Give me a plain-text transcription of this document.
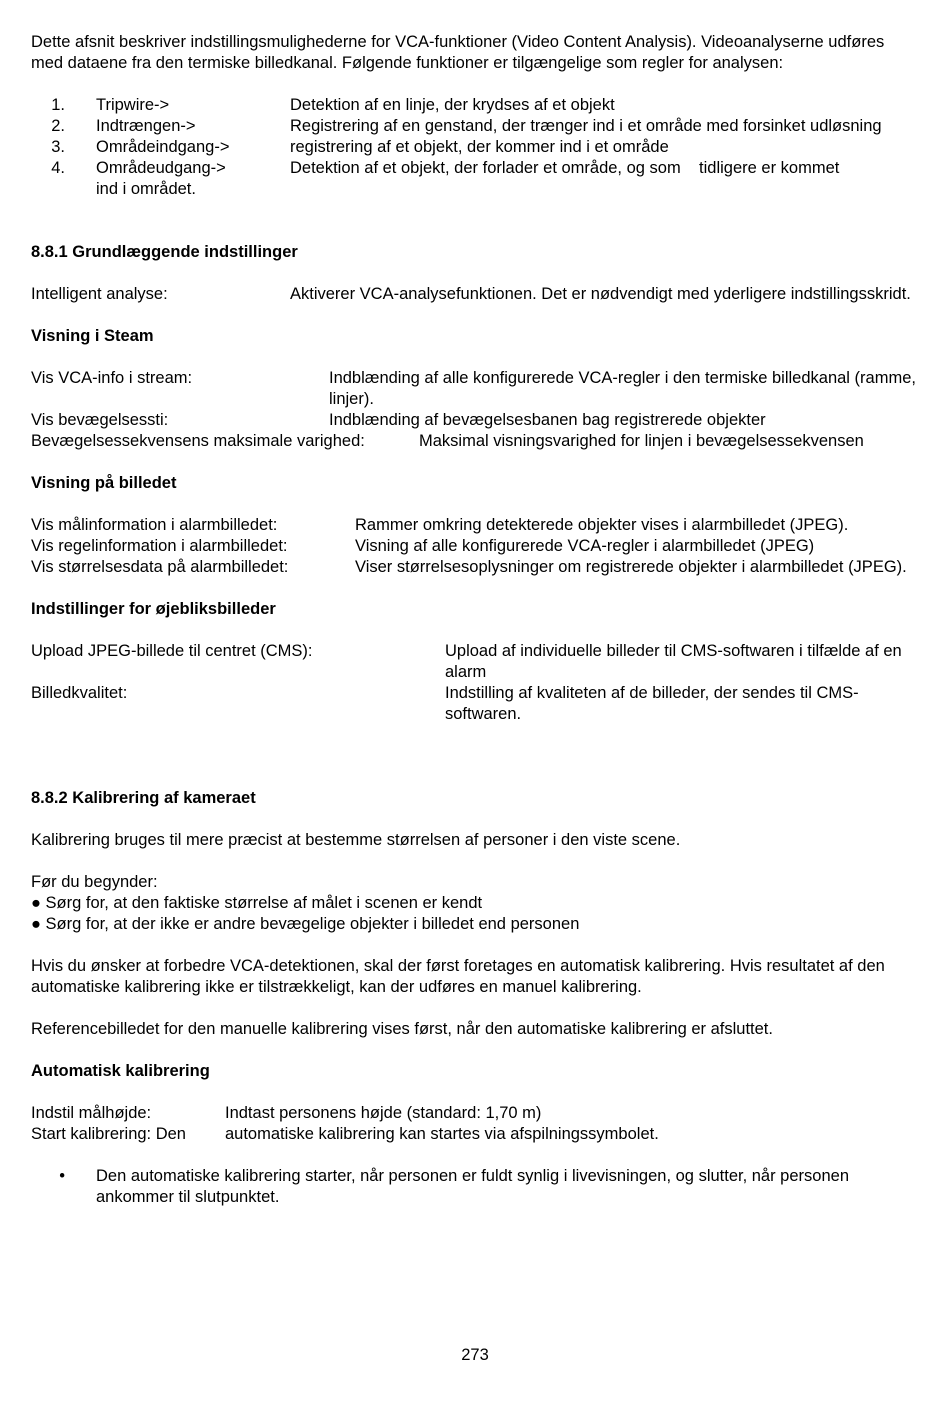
Dette afsnit beskriver indstillingsmulighederne for VCA-funktioner (Video Content Analysis). Videoanalyserne udføres med dataene fra den termiske billedkanal. Følgende funktioner er tilgængelige som regler for analysen:

1.	Tripwire->	Detektion af en linje, der krydses af et objekt
2.	Indtrængen->	Registrering af en genstand, der trænger ind i et område med forsinket udløsning
3.	Områdeindgang->	registrering af et objekt, der kommer ind i et område
4.	Områdeudgang->	Detektion af et objekt, der forlader et område, og som    tidligere er kommet
ind i området.

8.8.1 Grundlæggende indstillinger

Intelligent analyse:	Aktiverer VCA-analysefunktionen. Det er nødvendigt med yderligere indstillingsskridt.

Visning i Steam

Vis VCA-info i stream:	Indblænding af alle konfigurerede VCA-regler i den termiske billedkanal (ramme, linjer).
Vis bevægelsessti:	Indblænding af bevægelsesbanen bag registrerede objekter
Bevægelsessekvensens maksimale varighed:	Maksimal visningsvarighed for linjen i bevægelsessekvensen

Visning på billedet

Vis målinformation i alarmbilledet:	Rammer omkring detekterede objekter vises i alarmbilledet (JPEG).
Vis regelinformation i alarmbilledet:	Visning af alle konfigurerede VCA-regler i alarmbilledet (JPEG)
Vis størrelsesdata på alarmbilledet:	Viser størrelsesoplysninger om registrerede objekter i alarmbilledet (JPEG).

Indstillinger for øjebliksbilleder

Upload JPEG-billede til centret (CMS):	Upload af individuelle billeder til CMS-softwaren i tilfælde af en alarm
Billedkvalitet:	Indstilling af kvaliteten af de billeder, der sendes til CMS-softwaren.

8.8.2 Kalibrering af kameraet

Kalibrering bruges til mere præcist at bestemme størrelsen af personer i den viste scene.

Før du begynder:

● Sørg for, at den faktiske størrelse af målet i scenen er kendt

● Sørg for, at der ikke er andre bevægelige objekter i billedet end personen

Hvis du ønsker at forbedre VCA-detektionen, skal der først foretages en automatisk kalibrering. Hvis resultatet af den automatiske kalibrering ikke er tilstrækkeligt, kan der udføres en manuel kalibrering.

Referencebilledet for den manuelle kalibrering vises først, når den automatiske kalibrering er afsluttet.

Automatisk kalibrering

Indstil målhøjde:	Indtast personens højde (standard: 1,70 m)
Start kalibrering: Den	automatiske kalibrering kan startes via afspilningssymbolet.
•	Den automatiske kalibrering starter, når personen er fuldt synlig i livevisningen, og slutter, når personen ankommer til slutpunktet.
273
